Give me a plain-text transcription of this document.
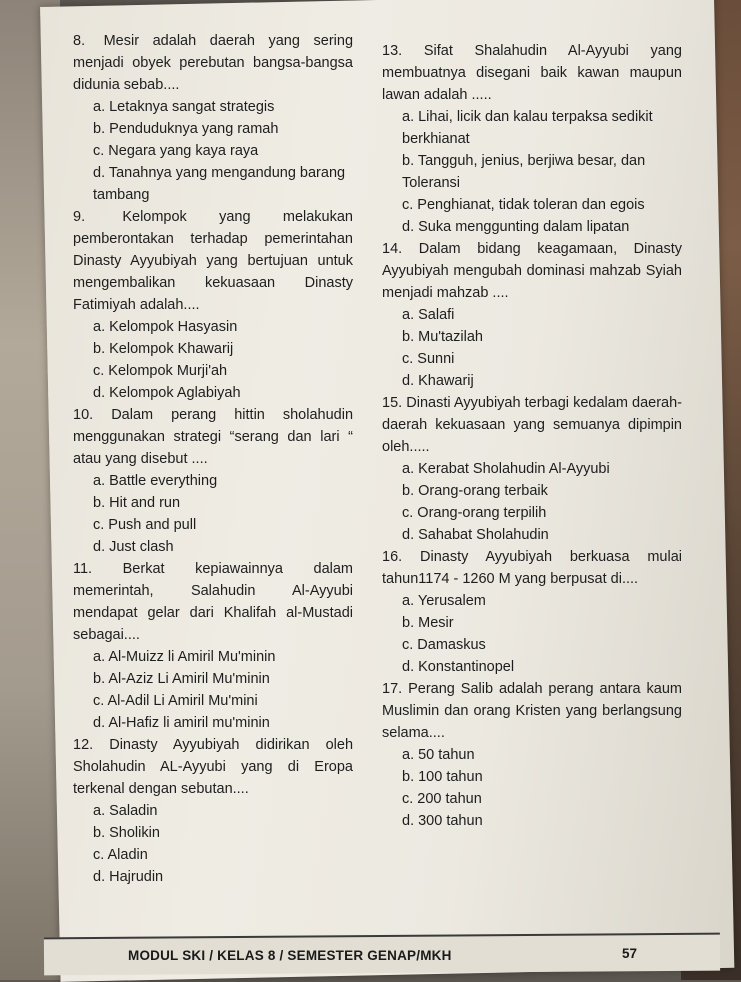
8. Mesir adalah daerah yang sering menjadi obyek perebutan bangsa-bangsa didunia sebab....
a. Letaknya sangat strategis
b. Penduduknya yang ramah
c. Negara yang kaya raya
d. Tanahnya yang mengandung barang tambang
9.	Kelompok yang melakukan pemberontakan terhadap pemerintahan Dinasty Ayyubiyah yang bertujuan untuk mengembalikan kekuasaan Dinasty Fatimiyah adalah....
a. Kelompok Hasyasin
b. Kelompok Khawarij
c. Kelompok Murji'ah
d. Kelompok Aglabiyah
10. Dalam perang hittin sholahudin menggunakan strategi “serang dan lari “ atau yang disebut ....
a. Battle everything
b. Hit and run
c. Push and pull
d. Just clash
11. Berkat kepiawainnya dalam memerintah, Salahudin Al-Ayyubi mendapat gelar dari Khalifah al-Mustadi sebagai....
a. Al-Muizz li Amiril Mu'minin
b. Al-Aziz Li Amiril Mu'minin
c. Al-Adil Li Amiril Mu'mini
d. Al-Hafiz li amiril mu'minin
12. Dinasty Ayyubiyah didirikan oleh Sholahudin AL-Ayyubi yang di Eropa terkenal dengan sebutan....
a. Saladin
b. Sholikin
c. Aladin
d. Hajrudin
13. Sifat Shalahudin Al-Ayyubi yang membuatnya disegani baik kawan maupun lawan adalah .....
a. Lihai, licik dan kalau terpaksa sedikit berkhianat
b. Tangguh, jenius, berjiwa besar, dan Toleransi
c. Penghianat, tidak toleran dan egois
d. Suka menggunting dalam lipatan
14. Dalam bidang keagamaan, Dinasty Ayyubiyah mengubah dominasi mahzab Syiah menjadi mahzab ....
a. Salafi
b. Mu'tazilah
c. Sunni
d. Khawarij
15. Dinasti Ayyubiyah terbagi kedalam daerah-daerah kekuasaan yang semuanya dipimpin oleh.....
a. Kerabat Sholahudin Al-Ayyubi
b. Orang-orang terbaik
c. Orang-orang terpilih
d. Sahabat Sholahudin
16. Dinasty Ayyubiyah berkuasa mulai tahun1174 - 1260 M yang berpusat di....
a. Yerusalem
b. Mesir
c. Damaskus
d. Konstantinopel
17. Perang Salib adalah perang antara kaum Muslimin dan orang Kristen yang berlangsung selama....
a. 50 tahun
b. 100 tahun
c. 200 tahun
d. 300 tahun
MODUL SKI / KELAS 8 / SEMESTER GENAP/MKH	57
